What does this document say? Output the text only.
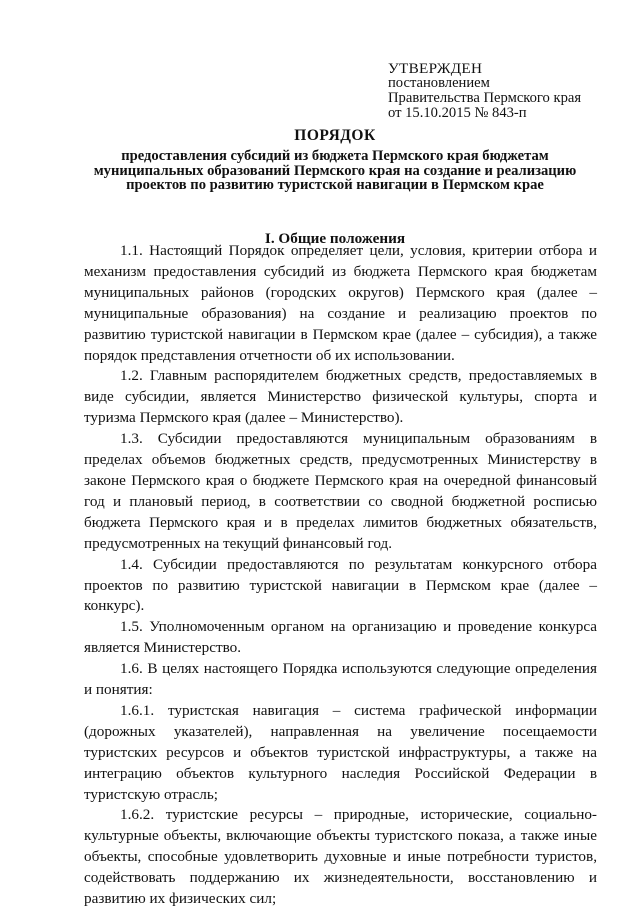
УТВЕРЖДЕН
постановлением
Правительства Пермского края
от 15.10.2015 № 843-п
ПОРЯДОК
предоставления субсидий из бюджета Пермского края бюджетам муниципальных образований Пермского края на создание и реализацию проектов по развитию туристской навигации в Пермском крае
I. Общие положения

1.1. Настоящий Порядок определяет цели, условия, критерии отбора и механизм предоставления субсидий из бюджета Пермского края бюджетам муниципальных районов (городских округов) Пермского края (далее – муниципальные образования) на создание и реализацию проектов по развитию туристской навигации в Пермском крае (далее – субсидия), а также порядок представления отчетности об их использовании.

1.2. Главным распорядителем бюджетных средств, предоставляемых в виде субсидии, является Министерство физической культуры, спорта и туризма Пермского края (далее – Министерство).

1.3. Субсидии предоставляются муниципальным образованиям в пределах объемов бюджетных средств, предусмотренных Министерству в законе Пермского края о бюджете Пермского края на очередной финансовый год и плановый период, в соответствии со сводной бюджетной росписью бюджета Пермского края и в пределах лимитов бюджетных обязательств, предусмотренных на текущий финансовый год.

1.4. Субсидии предоставляются по результатам конкурсного отбора проектов по развитию туристской навигации в Пермском крае (далее – конкурс).

1.5. Уполномоченным органом на организацию и проведение конкурса является Министерство.

1.6. В целях настоящего Порядка используются следующие определения и понятия:

1.6.1. туристская навигация – система графической информации (дорожных указателей), направленная на увеличение посещаемости туристских ресурсов и объектов туристской инфраструктуры, а также на интеграцию объектов культурного наследия Российской Федерации в туристскую отрасль;

1.6.2. туристские ресурсы – природные, исторические, социально-культурные объекты, включающие объекты туристского показа, а также иные объекты, способные удовлетворить духовные и иные потребности туристов, содействовать поддержанию их жизнедеятельности, восстановлению и развитию их физических сил;
